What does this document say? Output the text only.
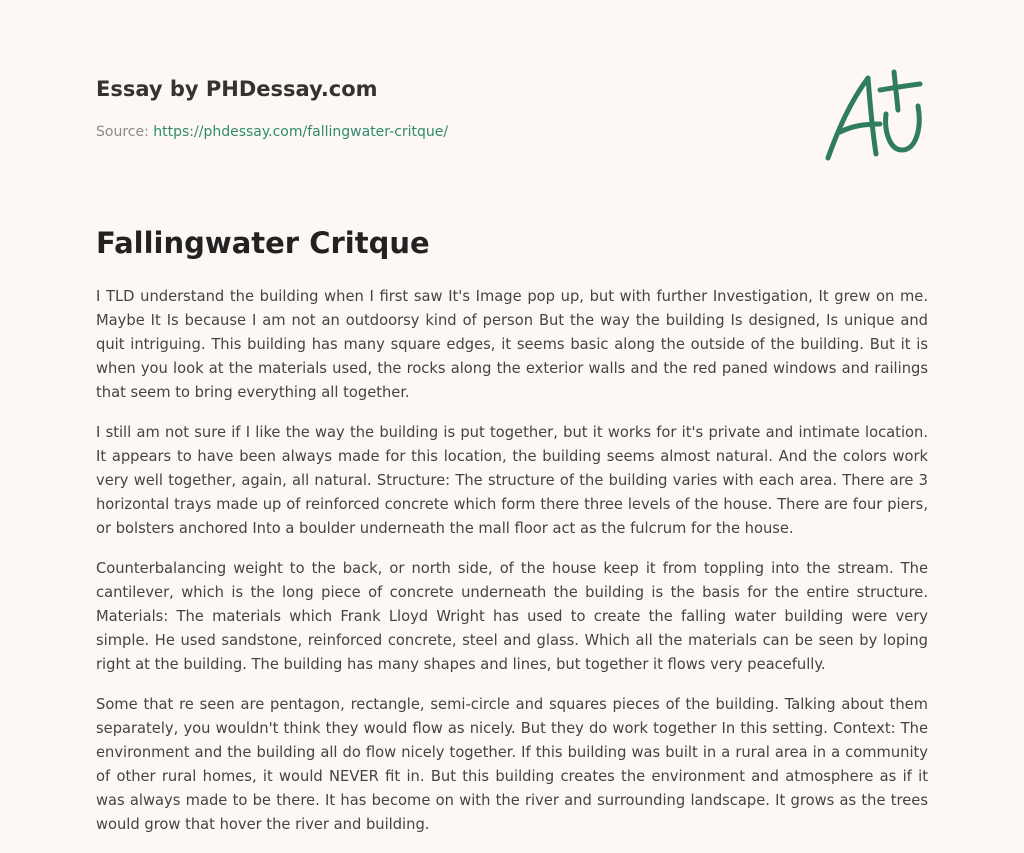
Essay by PHDessay.com
Source: https://phdessay.com/fallingwater-critque/
Fallingwater Critque

I TLD understand the building when I first saw It's Image pop up, but with further Investigation, It grew on me. Maybe It Is because I am not an outdoorsy kind of person But the way the building Is designed, Is unique and quit intriguing. This building has many square edges, it seems basic along the outside of the building. But it is when you look at the materials used, the rocks along the exterior walls and the red paned windows and railings that seem to bring everything all together.

I still am not sure if I like the way the building is put together, but it works for it's private and intimate location. It appears to have been always made for this location, the building seems almost natural. And the colors work very well together, again, all natural. Structure: The structure of the building varies with each area. There are 3 horizontal trays made up of reinforced concrete which form there three levels of the house. There are four piers, or bolsters anchored Into a boulder underneath the mall floor act as the fulcrum for the house.

Counterbalancing weight to the back, or north side, of the house keep it from toppling into the stream. The cantilever, which is the long piece of concrete underneath the building is the basis for the entire structure. Materials: The materials which Frank Lloyd Wright has used to create the falling water building were very simple. He used sandstone, reinforced concrete, steel and glass. Which all the materials can be seen by loping right at the building. The building has many shapes and lines, but together it flows very peacefully.

Some that re seen are pentagon, rectangle, semi-circle and squares pieces of the building. Talking about them separately, you wouldn't think they would flow as nicely. But they do work together In this setting. Context: The environment and the building all do flow nicely together. If this building was built in a rural area in a community of other rural homes, it would NEVER fit in. But this building creates the environment and atmosphere as if it was always made to be there. It has become on with the river and surrounding landscape. It grows as the trees would grow that hover the river and building.
